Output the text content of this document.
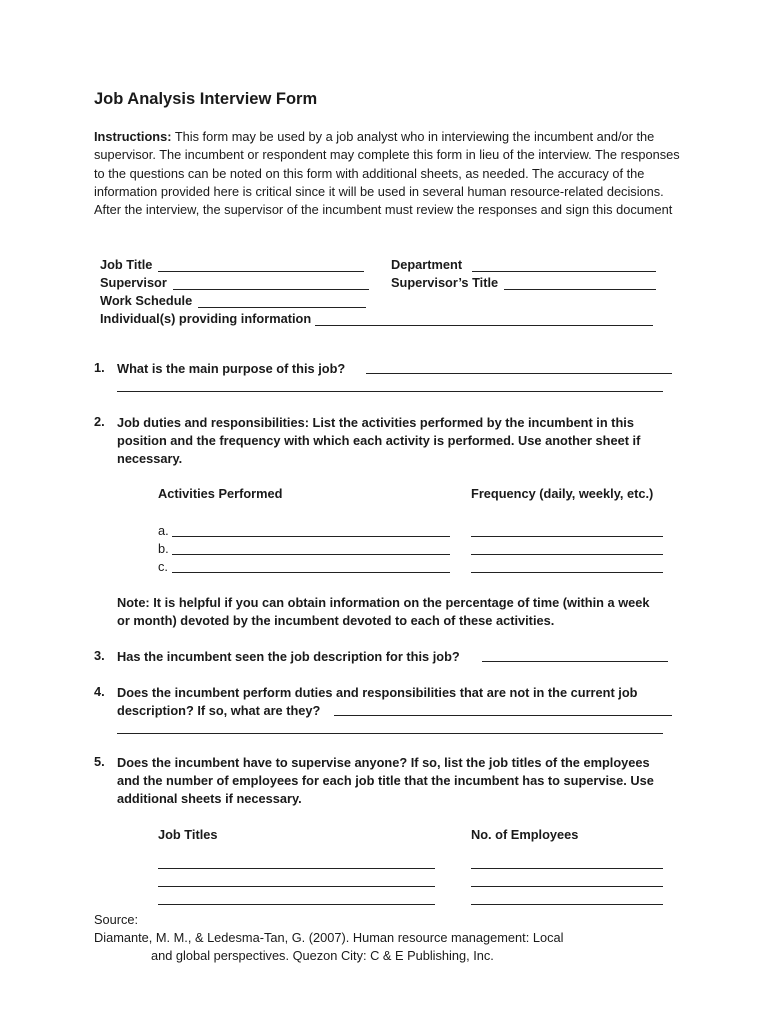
Job Analysis Interview Form
Instructions: This form may be used by a job analyst who in interviewing the incumbent and/or the supervisor. The incumbent or respondent may complete this form in lieu of the interview. The responses to the questions can be noted on this form with additional sheets, as needed. The accuracy of the information provided here is critical since it will be used in several human resource-related decisions. After the interview, the supervisor of the incumbent must review the responses and sign this document
Job Title	Department
Supervisor	Supervisor’s Title
Work Schedule
Individual(s) providing information
1. What is the main purpose of this job?
2. Job duties and responsibilities: List the activities performed by the incumbent in this position and the frequency with which each activity is performed. Use another sheet if necessary.
Activities Performed	Frequency (daily, weekly, etc.)
a.
b.
c.
Note: It is helpful if you can obtain information on the percentage of time (within a week or month) devoted by the incumbent devoted to each of these activities.
3. Has the incumbent seen the job description for this job?
4. Does the incumbent perform duties and responsibilities that are not in the current job description? If so, what are they?
5. Does the incumbent have to supervise anyone? If so, list the job titles of the employees and the number of employees for each job title that the incumbent has to supervise. Use additional sheets if necessary.
Job Titles	No. of Employees
Source:
Diamante, M. M., & Ledesma-Tan, G. (2007). Human resource management: Local
and global perspectives. Quezon City: C & E Publishing, Inc.
